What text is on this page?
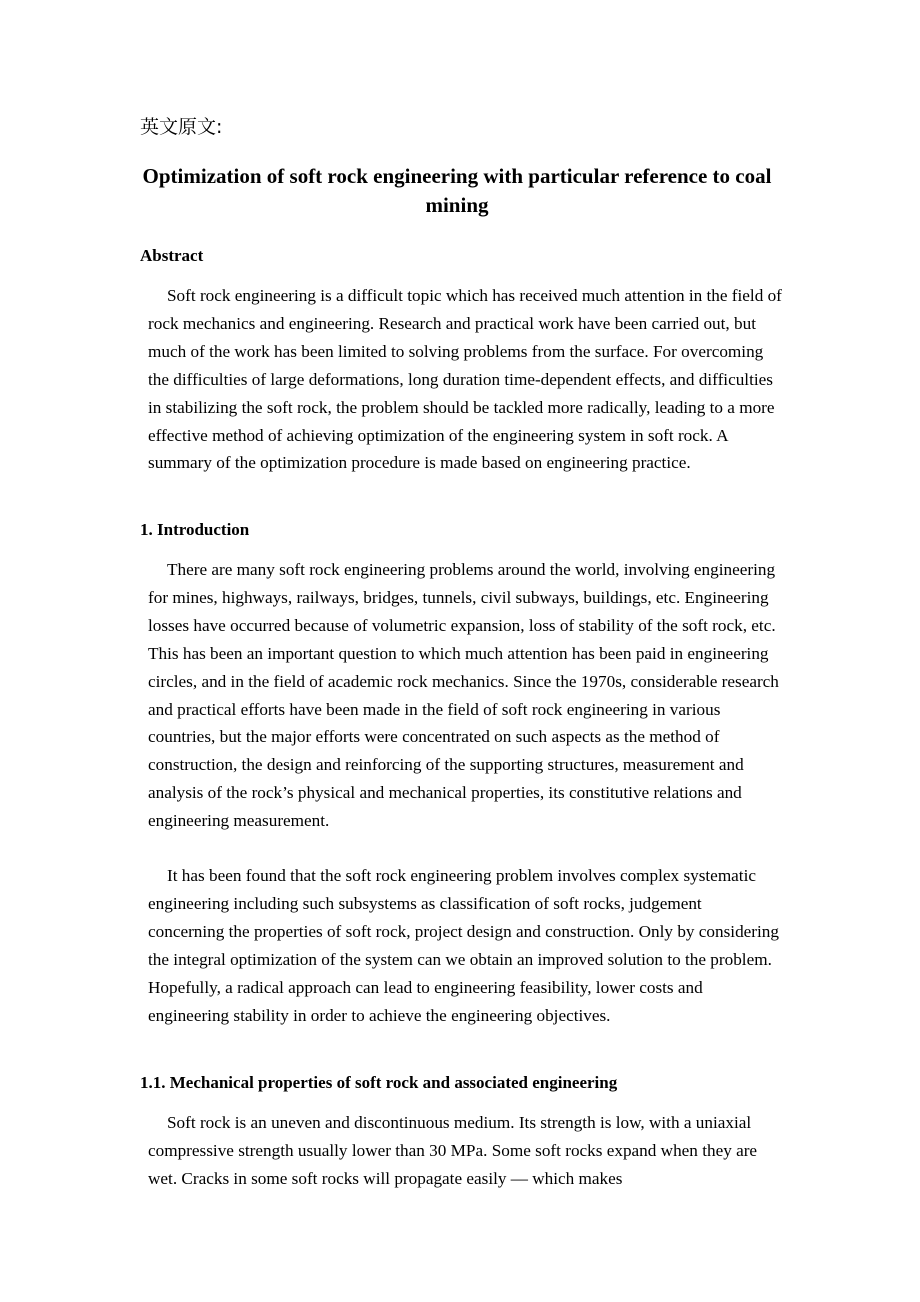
英文原文:

Optimization of soft rock engineering with particular reference to coal mining
Abstract

Soft rock engineering is a difficult topic which has received much attention in the field of rock mechanics and engineering. Research and practical work have been carried out, but much of the work has been limited to solving problems from the surface. For overcoming the difficulties of large deformations, long duration time-dependent effects, and difficulties in stabilizing the soft rock, the problem should be tackled more radically, leading to a more effective method of achieving optimization of the engineering system in soft rock. A summary of the optimization procedure is made based on engineering practice.

1. Introduction

There are many soft rock engineering problems around the world, involving engineering for mines, highways, railways, bridges, tunnels, civil subways, buildings, etc. Engineering losses have occurred because of volumetric expansion, loss of stability of the soft rock, etc. This has been an important question to which much attention has been paid in engineering circles, and in the field of academic rock mechanics. Since the 1970s, considerable research and practical efforts have been made in the field of soft rock engineering in various countries, but the major efforts were concentrated on such aspects as the method of construction, the design and reinforcing of the supporting structures, measurement and analysis of the rock’s physical and mechanical properties, its constitutive relations and engineering measurement.

It has been found that the soft rock engineering problem involves complex systematic engineering including such subsystems as classification of soft rocks, judgement concerning the properties of soft rock, project design and construction. Only by considering the integral optimization of the system can we obtain an improved solution to the problem. Hopefully, a radical approach can lead to engineering feasibility, lower costs and engineering stability in order to achieve the engineering objectives.

1.1. Mechanical properties of soft rock and associated engineering

Soft rock is an uneven and discontinuous medium. Its strength is low, with a uniaxial compressive strength usually lower than 30 MPa. Some soft rocks expand when they are wet. Cracks in some soft rocks will propagate easily — which makes
